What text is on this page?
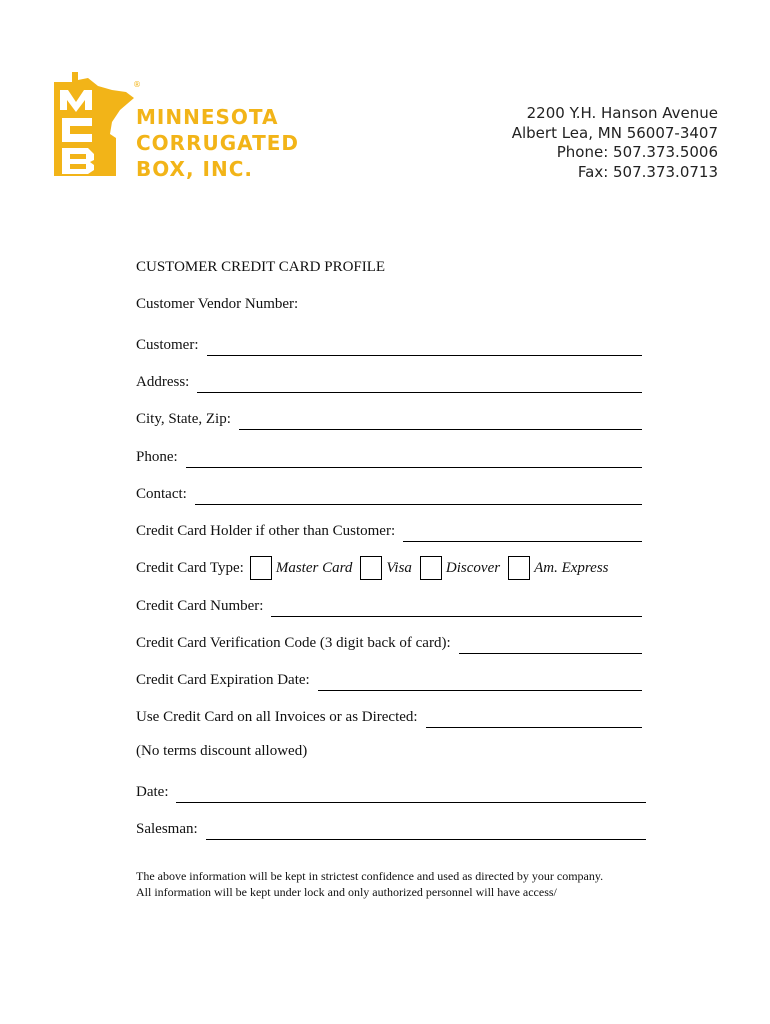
®
MINNESOTA
CORRUGATED
BOX, INC.
2200 Y.H. Hanson Avenue
Albert Lea, MN 56007-3407
Phone: 507.373.5006
Fax: 507.373.0713
CUSTOMER CREDIT CARD PROFILE
Customer Vendor Number:
Customer:
Address:
City, State, Zip:
Phone:
Contact:
Credit Card Holder if other than Customer:
Credit Card Type: Master Card Visa Discover Am. Express
Credit Card Number:
Credit Card Verification Code (3 digit back of card):
Credit Card Expiration Date:
Use Credit Card on all Invoices or as Directed:
(No terms discount allowed)
Date:
Salesman:
The above information will be kept in strictest confidence and used as directed by your company.
All information will be kept under lock and only authorized personnel will have access/
